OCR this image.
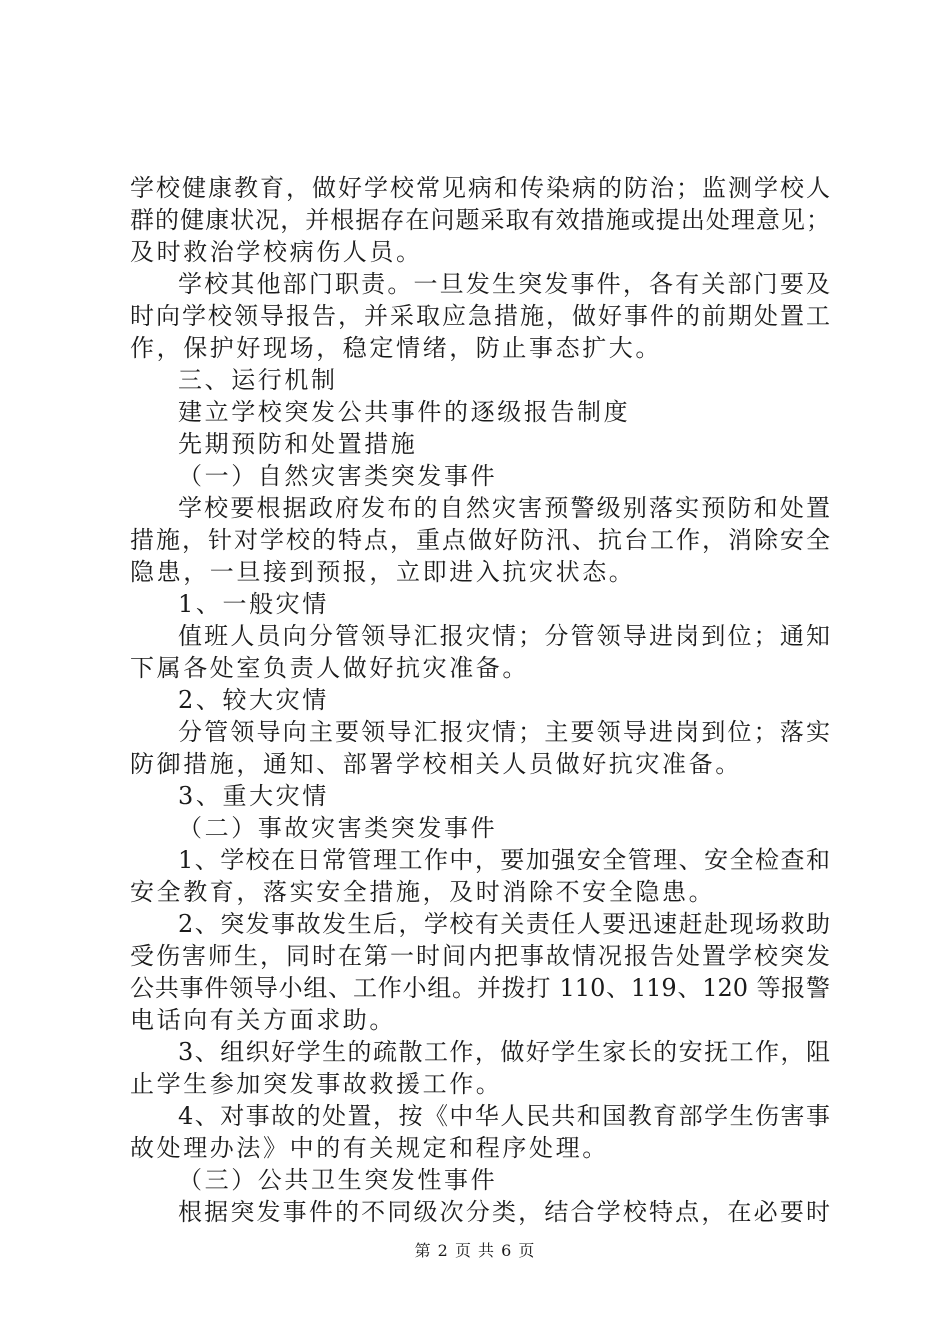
学校健康教育，做好学校常见病和传染病的防治；监测学校人
群的健康状况，并根据存在问题采取有效措施或提出处理意见；
及时救治学校病伤人员。
学校其他部门职责。一旦发生突发事件，各有关部门要及
时向学校领导报告，并采取应急措施，做好事件的前期处置工
作，保护好现场，稳定情绪，防止事态扩大。
三、运行机制
建立学校突发公共事件的逐级报告制度
先期预防和处置措施
（一）自然灾害类突发事件
学校要根据政府发布的自然灾害预警级别落实预防和处置
措施，针对学校的特点，重点做好防汛、抗台工作，消除安全
隐患，一旦接到预报，立即进入抗灾状态。
1、一般灾情
值班人员向分管领导汇报灾情；分管领导进岗到位；通知
下属各处室负责人做好抗灾准备。
2、较大灾情
分管领导向主要领导汇报灾情；主要领导进岗到位；落实
防御措施，通知、部署学校相关人员做好抗灾准备。
3、重大灾情
（二）事故灾害类突发事件
1、学校在日常管理工作中，要加强安全管理、安全检查和
安全教育，落实安全措施，及时消除不安全隐患。
2、突发事故发生后，学校有关责任人要迅速赶赴现场救助
受伤害师生，同时在第一时间内把事故情况报告处置学校突发
公共事件领导小组、工作小组。并拨打 110、119、120 等报警
电话向有关方面求助。
3、组织好学生的疏散工作，做好学生家长的安抚工作，阻
止学生参加突发事故救援工作。
4、对事故的处置，按《中华人民共和国教育部学生伤害事
故处理办法》中的有关规定和程序处理。
（三）公共卫生突发性事件
根据突发事件的不同级次分类，结合学校特点，在必要时
第 2 页 共 6 页
